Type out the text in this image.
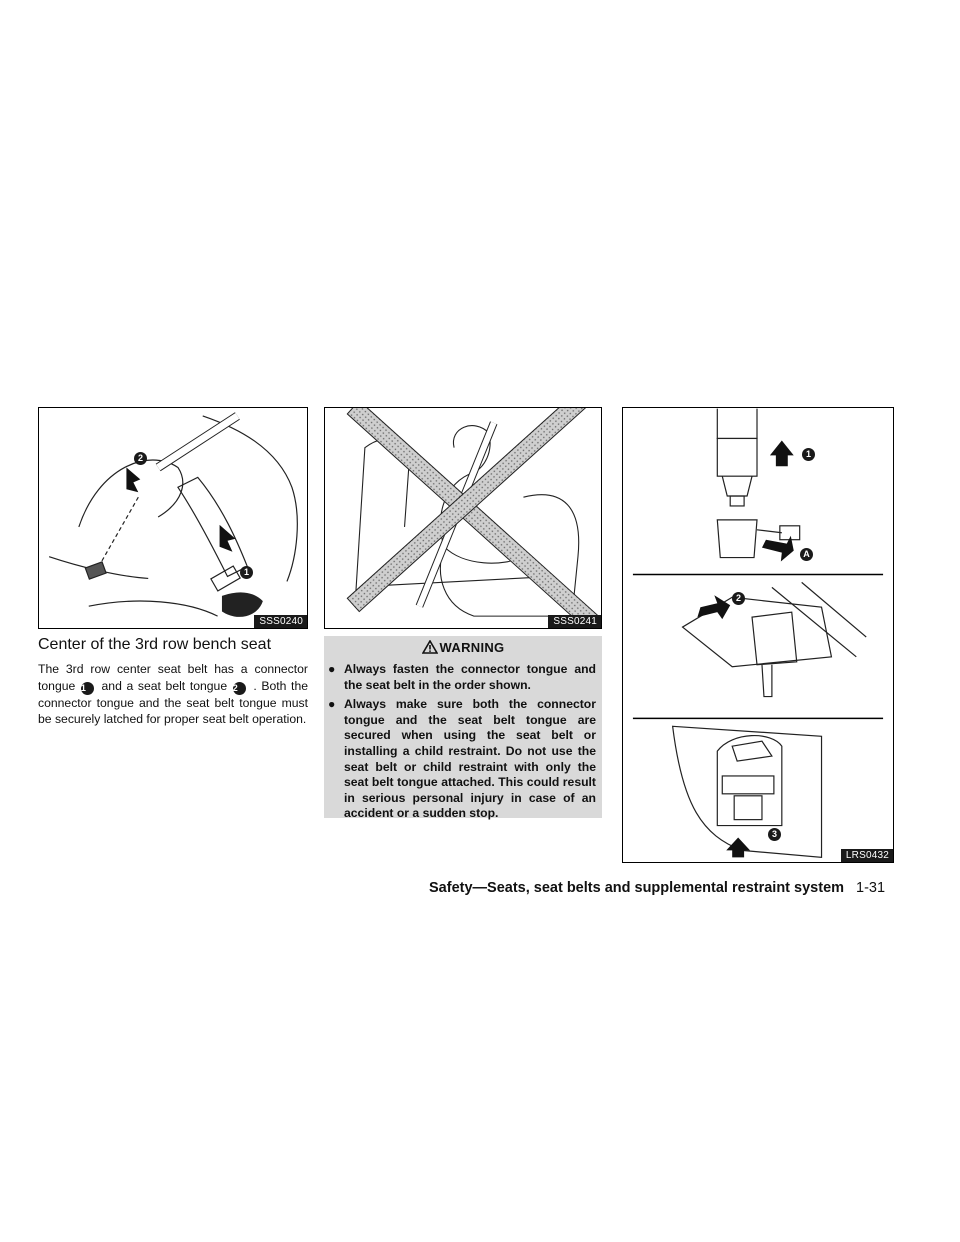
2
1
SSS0240	SSS0241
1
A
2
3
LRS0432
Center of the 3rd row bench seat
The 3rd row center seat belt has a connector tongue 1 and a seat belt tongue 2 . Both the connector tongue and the seat belt tongue must be securely latched for proper seat belt operation.
WARNING
● Always fasten the connector tongue and the seat belt in the order shown.
● Always make sure both the connector tongue and the seat belt tongue are secured when using the seat belt or installing a child restraint. Do not use the seat belt or child restraint with only the seat belt tongue attached. This could result in serious personal injury in case of an accident or a sudden stop.
Safety—Seats, seat belts and supplemental restraint system 1-31
